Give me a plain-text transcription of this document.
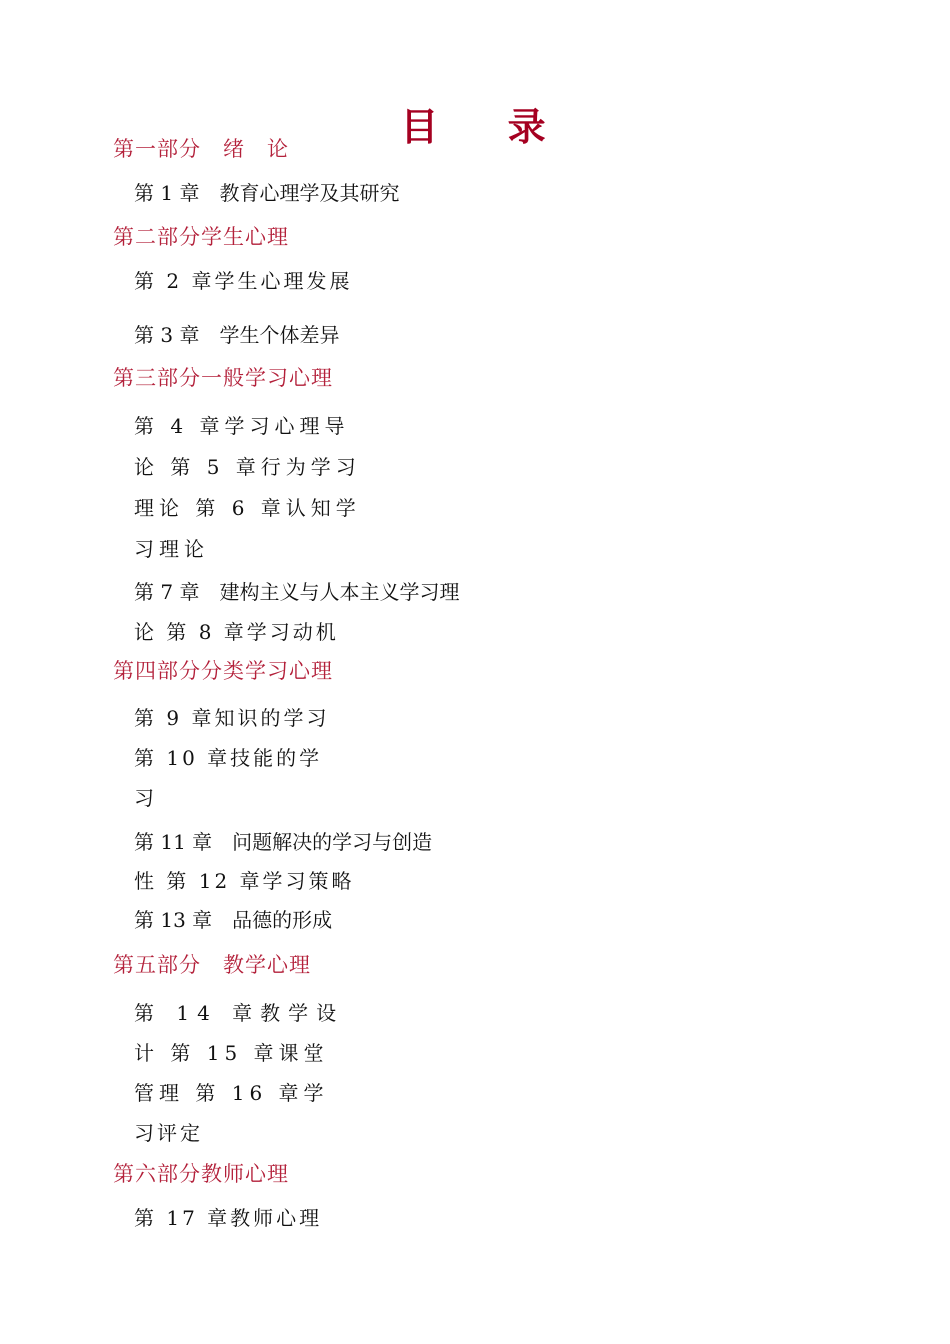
目 录
第一部分　绪　论
第 1 章　教育心理学及其研究
第二部分学生心理
第 2 章学生心理发展
第 3 章　学生个体差异
第三部分一般学习心理
第 4 章学习心理导
论 第 5 章行为学习
理论 第 6 章认知学
习理论
第 7 章　建构主义与人本主义学习理
论 第 8 章学习动机
第四部分分类学习心理
第 9 章知识的学习
第 10 章技能的学
习
第 11 章　问题解决的学习与创造
性 第 12 章学习策略
第 13 章　品德的形成
第五部分　教学心理
第 14 章教学设
计 第 15 章课堂
管理 第 16 章学
习评定
第六部分教师心理
第 17 章教师心理
